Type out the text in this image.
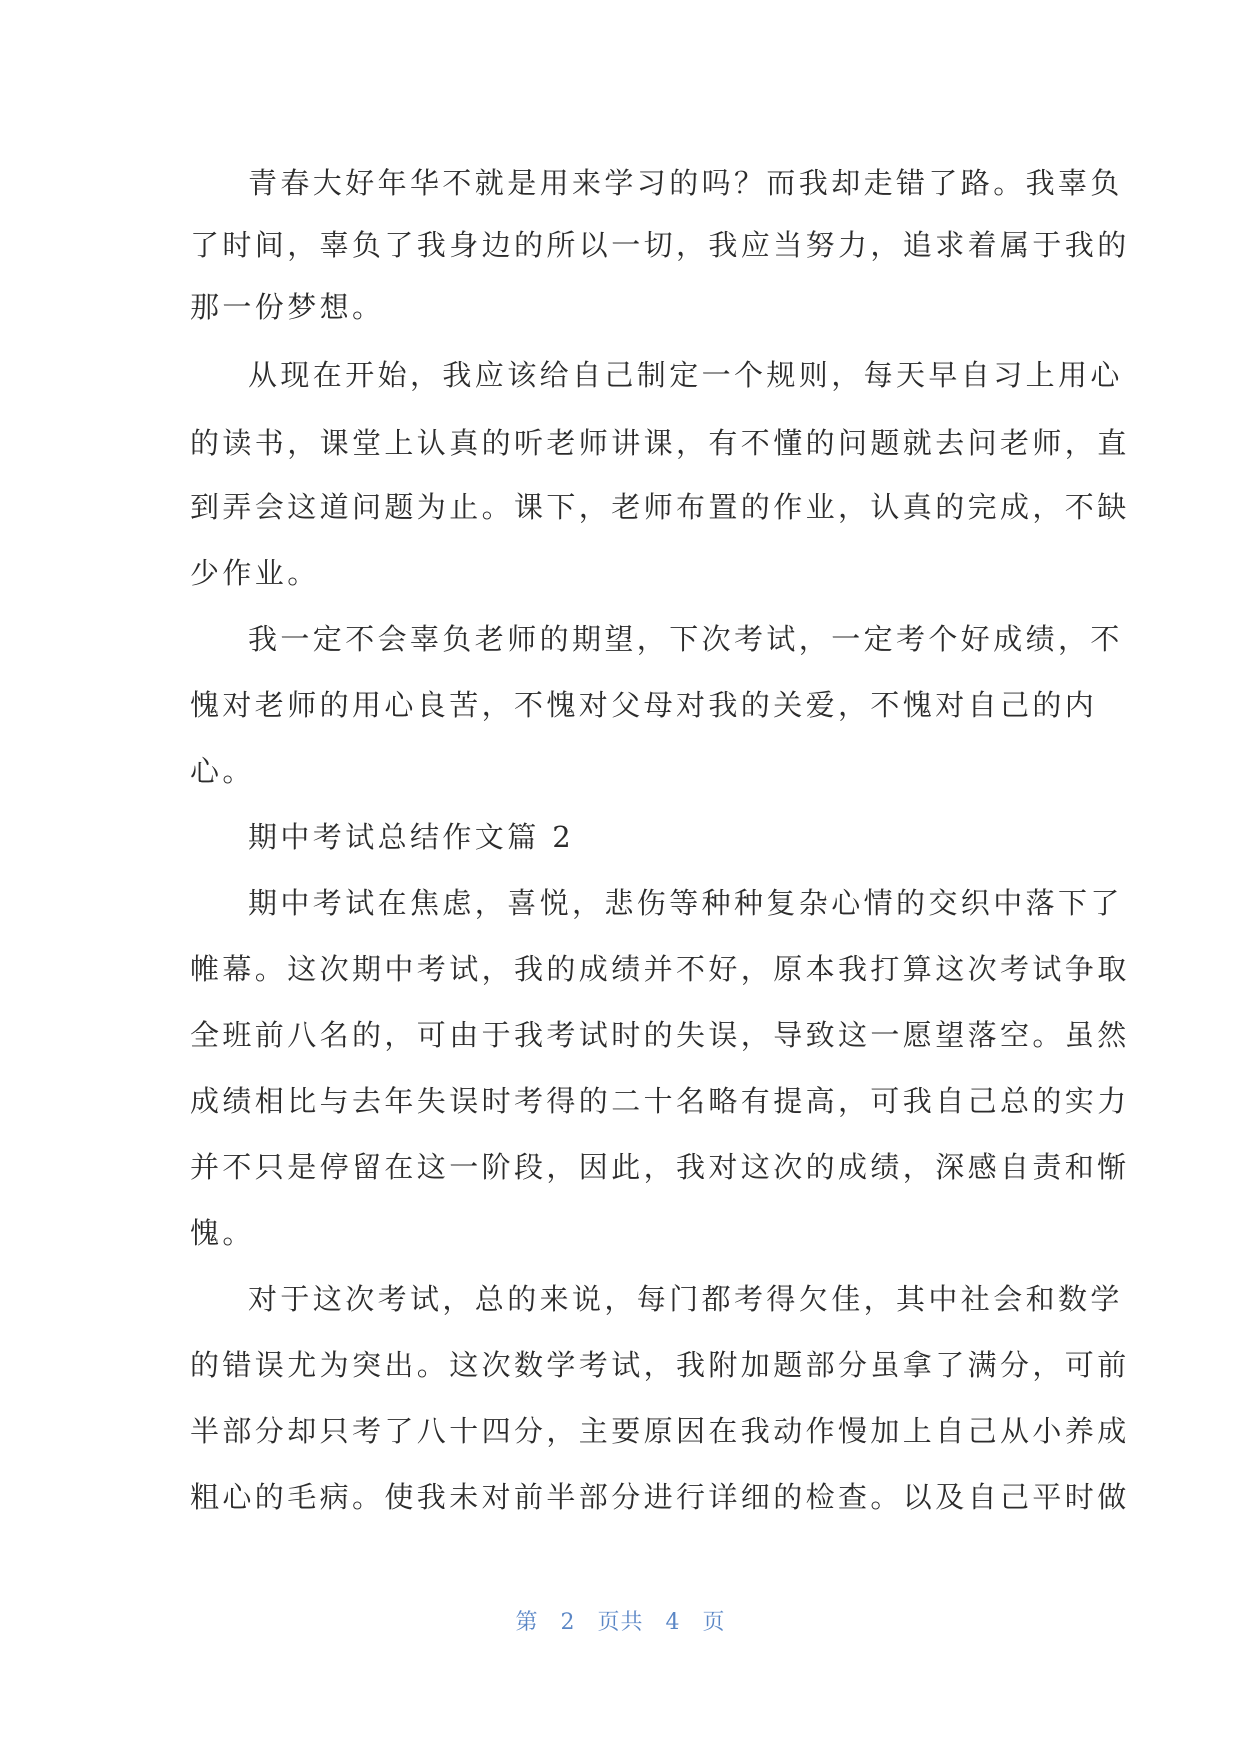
青春大好年华不就是用来学习的吗？而我却走错了路。我辜负
了时间，辜负了我身边的所以一切，我应当努力，追求着属于我的
那一份梦想。
从现在开始，我应该给自己制定一个规则，每天早自习上用心
的读书，课堂上认真的听老师讲课，有不懂的问题就去问老师，直
到弄会这道问题为止。课下，老师布置的作业，认真的完成，不缺
少作业。
我一定不会辜负老师的期望，下次考试，一定考个好成绩，不
愧对老师的用心良苦，不愧对父母对我的关爱，不愧对自己的内
心。
期中考试总结作文篇 2
期中考试在焦虑，喜悦，悲伤等种种复杂心情的交织中落下了
帷幕。这次期中考试，我的成绩并不好，原本我打算这次考试争取
全班前八名的，可由于我考试时的失误，导致这一愿望落空。虽然
成绩相比与去年失误时考得的二十名略有提高，可我自己总的实力
并不只是停留在这一阶段，因此，我对这次的成绩，深感自责和惭
愧。
对于这次考试，总的来说，每门都考得欠佳，其中社会和数学
的错误尤为突出。这次数学考试，我附加题部分虽拿了满分，可前
半部分却只考了八十四分，主要原因在我动作慢加上自己从小养成
粗心的毛病。使我未对前半部分进行详细的检查。以及自己平时做
第 2 页共 4 页
